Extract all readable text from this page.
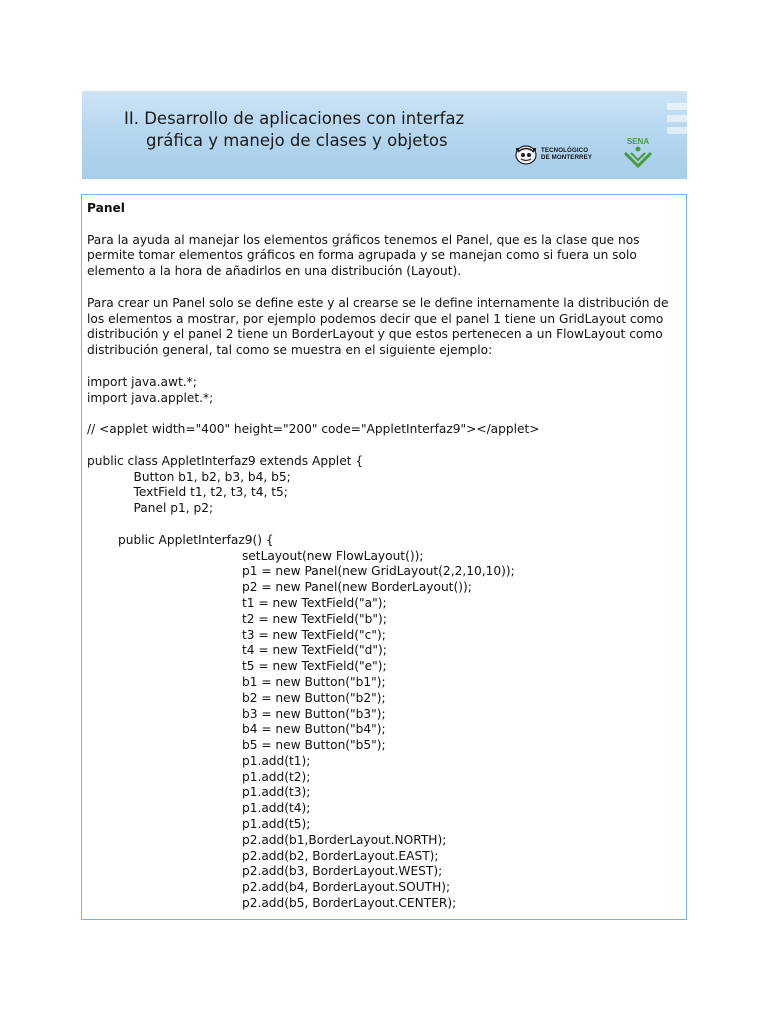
II. Desarrollo de aplicaciones con interfaz
gráfica y manejo de clases y objetos
TECNOLÓGICO
DE MONTERREY
SENA

Panel

Para la ayuda al manejar los elementos gráficos tenemos el Panel, que es la clase que nos permite tomar elementos gráficos en forma agrupada y se manejan como si fuera un solo elemento a la hora de añadirlos en una distribución (Layout).

Para crear un Panel solo se define este y al crearse se le define internamente la distribución de los elementos a mostrar, por ejemplo podemos decir que el panel 1 tiene un GridLayout como distribución y el panel 2 tiene un BorderLayout y que estos pertenecen a un FlowLayout como distribución general, tal como se muestra en el siguiente ejemplo:

import java.awt.*;
import java.applet.*;

// <applet width="400" height="200" code="AppletInterfaz9"></applet>

public class AppletInterfaz9 extends Applet {
Button b1, b2, b3, b4, b5;
TextField t1, t2, t3, t4, t5;
Panel p1, p2;

public AppletInterfaz9() {
setLayout(new FlowLayout());
p1 = new Panel(new GridLayout(2,2,10,10));
p2 = new Panel(new BorderLayout());
t1 = new TextField("a");
t2 = new TextField("b");
t3 = new TextField("c");
t4 = new TextField("d");
t5 = new TextField("e");
b1 = new Button("b1");
b2 = new Button("b2");
b3 = new Button("b3");
b4 = new Button("b4");
b5 = new Button("b5");
p1.add(t1);
p1.add(t2);
p1.add(t3);
p1.add(t4);
p1.add(t5);
p2.add(b1,BorderLayout.NORTH);
p2.add(b2, BorderLayout.EAST);
p2.add(b3, BorderLayout.WEST);
p2.add(b4, BorderLayout.SOUTH);
p2.add(b5, BorderLayout.CENTER);
